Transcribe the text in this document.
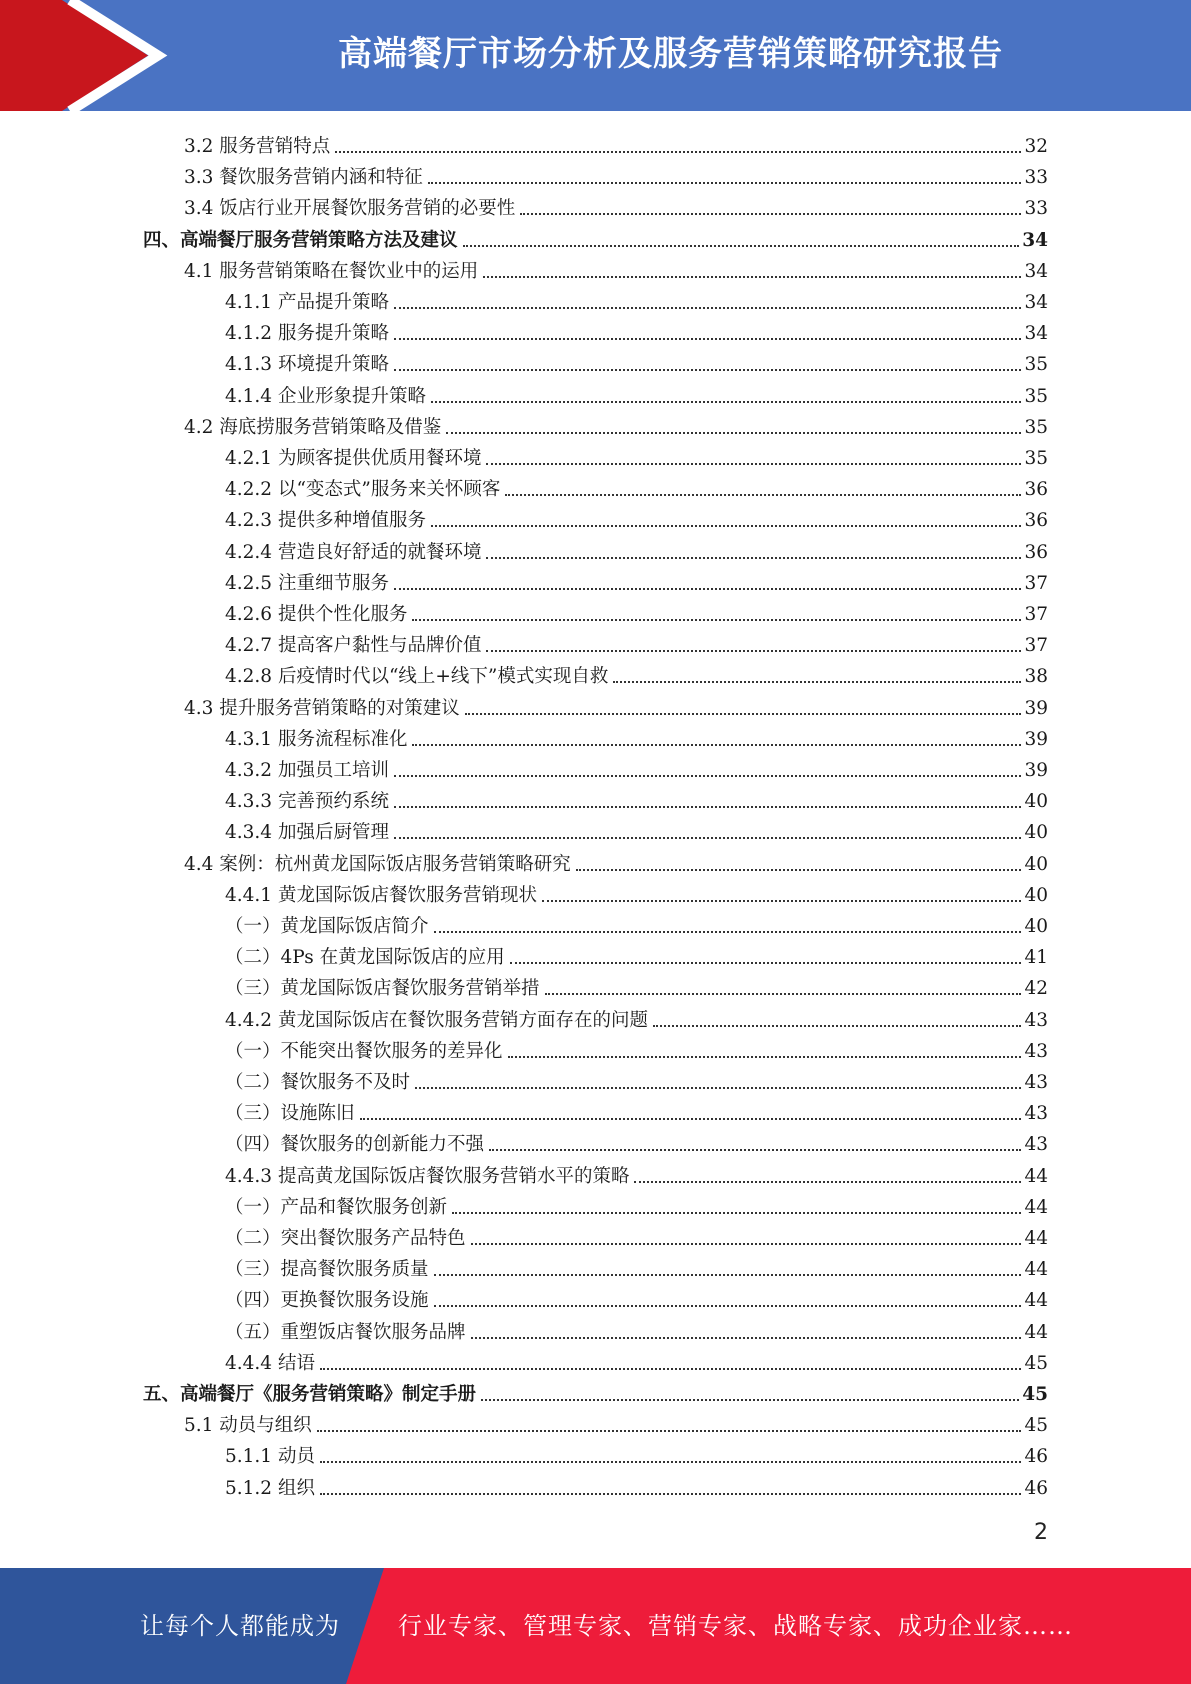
高端餐厅市场分析及服务营销策略研究报告
3.2 服务营销特点	32
3.3 餐饮服务营销内涵和特征	33
3.4 饭店行业开展餐饮服务营销的必要性	33
四、高端餐厅服务营销策略方法及建议	34
4.1 服务营销策略在餐饮业中的运用	34
4.1.1 产品提升策略	34
4.1.2 服务提升策略	34
4.1.3 环境提升策略	35
4.1.4 企业形象提升策略	35
4.2 海底捞服务营销策略及借鉴	35
4.2.1 为顾客提供优质用餐环境	35
4.2.2 以“变态式”服务来关怀顾客	36
4.2.3 提供多种增值服务	36
4.2.4 营造良好舒适的就餐环境	36
4.2.5 注重细节服务	37
4.2.6 提供个性化服务	37
4.2.7 提高客户黏性与品牌价值	37
4.2.8 后疫情时代以“线上+线下”模式实现自救	38
4.3 提升服务营销策略的对策建议	39
4.3.1 服务流程标准化	39
4.3.2 加强员工培训	39
4.3.3 完善预约系统	40
4.3.4 加强后厨管理	40
4.4 案例：杭州黄龙国际饭店服务营销策略研究	40
4.4.1 黄龙国际饭店餐饮服务营销现状	40
（一）黄龙国际饭店简介	40
（二）4Ps 在黄龙国际饭店的应用	41
（三）黄龙国际饭店餐饮服务营销举措	42
4.4.2 黄龙国际饭店在餐饮服务营销方面存在的问题	43
（一）不能突出餐饮服务的差异化	43
（二）餐饮服务不及时	43
（三）设施陈旧	43
（四）餐饮服务的创新能力不强	43
4.4.3 提高黄龙国际饭店餐饮服务营销水平的策略	44
（一）产品和餐饮服务创新	44
（二）突出餐饮服务产品特色	44
（三）提高餐饮服务质量	44
（四）更换餐饮服务设施	44
（五）重塑饭店餐饮服务品牌	44
4.4.4 结语	45
五、高端餐厅《服务营销策略》制定手册	45
5.1 动员与组织	45
5.1.1 动员	46
5.1.2 组织	46
2
让每个人都能成为 行业专家、管理专家、营销专家、战略专家、成功企业家……
